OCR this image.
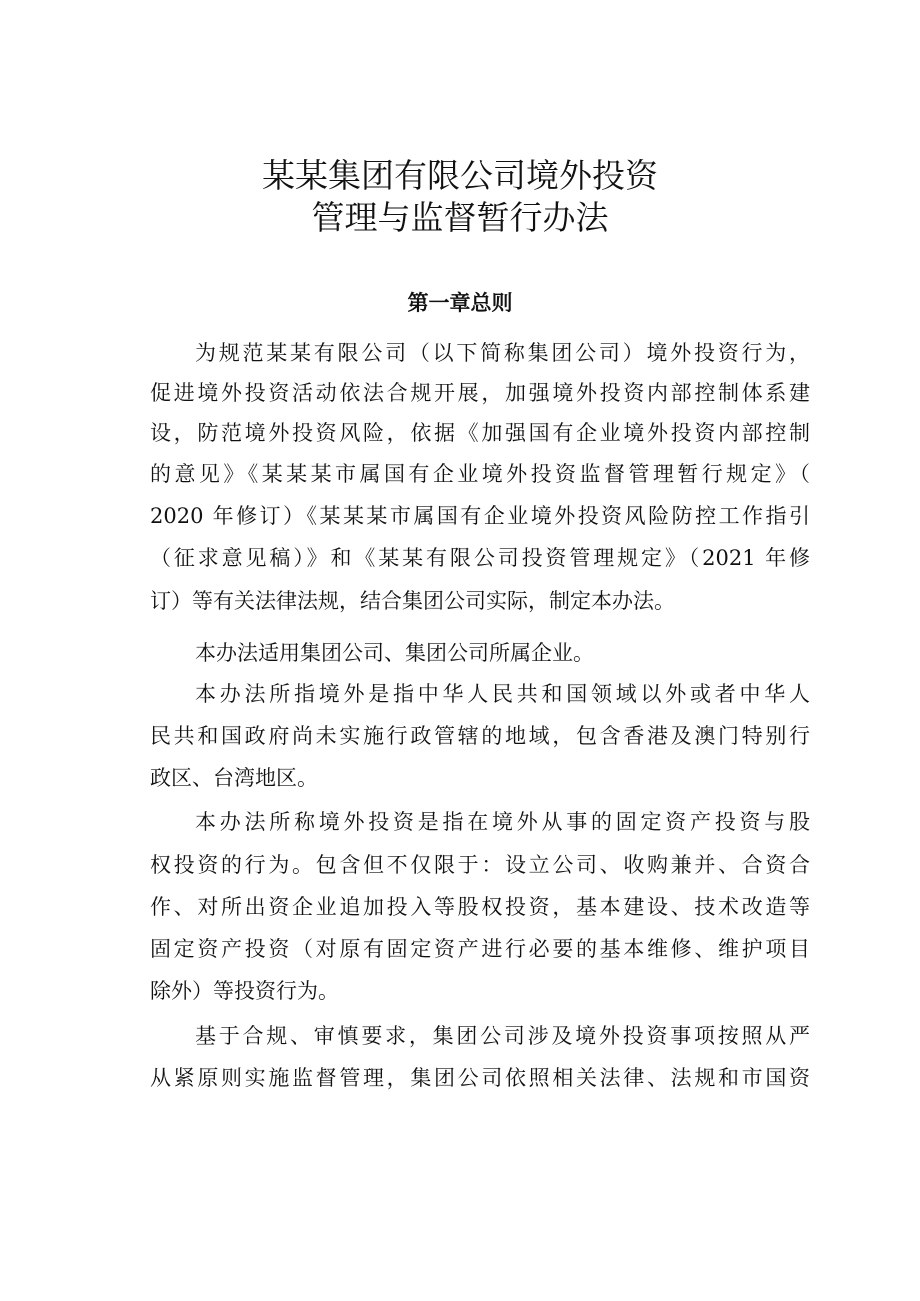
某某集团有限公司境外投资
管理与监督暂行办法
第一章总则
为规范某某有限公司（以下简称集团公司）境外投资行为，
促进境外投资活动依法合规开展，加强境外投资内部控制体系建
设，防范境外投资风险，依据《加强国有企业境外投资内部控制
的意见》《某某某市属国有企业境外投资监督管理暂行规定》（
2020 年修订）《某某某市属国有企业境外投资风险防控工作指引
（征求意见稿）》和《某某有限公司投资管理规定》（2021 年修
订）等有关法律法规，结合集团公司实际，制定本办法。
本办法适用集团公司、集团公司所属企业。
本办法所指境外是指中华人民共和国领域以外或者中华人
民共和国政府尚未实施行政管辖的地域，包含香港及澳门特别行
政区、台湾地区。
本办法所称境外投资是指在境外从事的固定资产投资与股
权投资的行为。包含但不仅限于：设立公司、收购兼并、合资合
作、对所出资企业追加投入等股权投资，基本建设、技术改造等
固定资产投资（对原有固定资产进行必要的基本维修、维护项目
除外）等投资行为。
基于合规、审慎要求，集团公司涉及境外投资事项按照从严
从紧原则实施监督管理，集团公司依照相关法律、法规和市国资
